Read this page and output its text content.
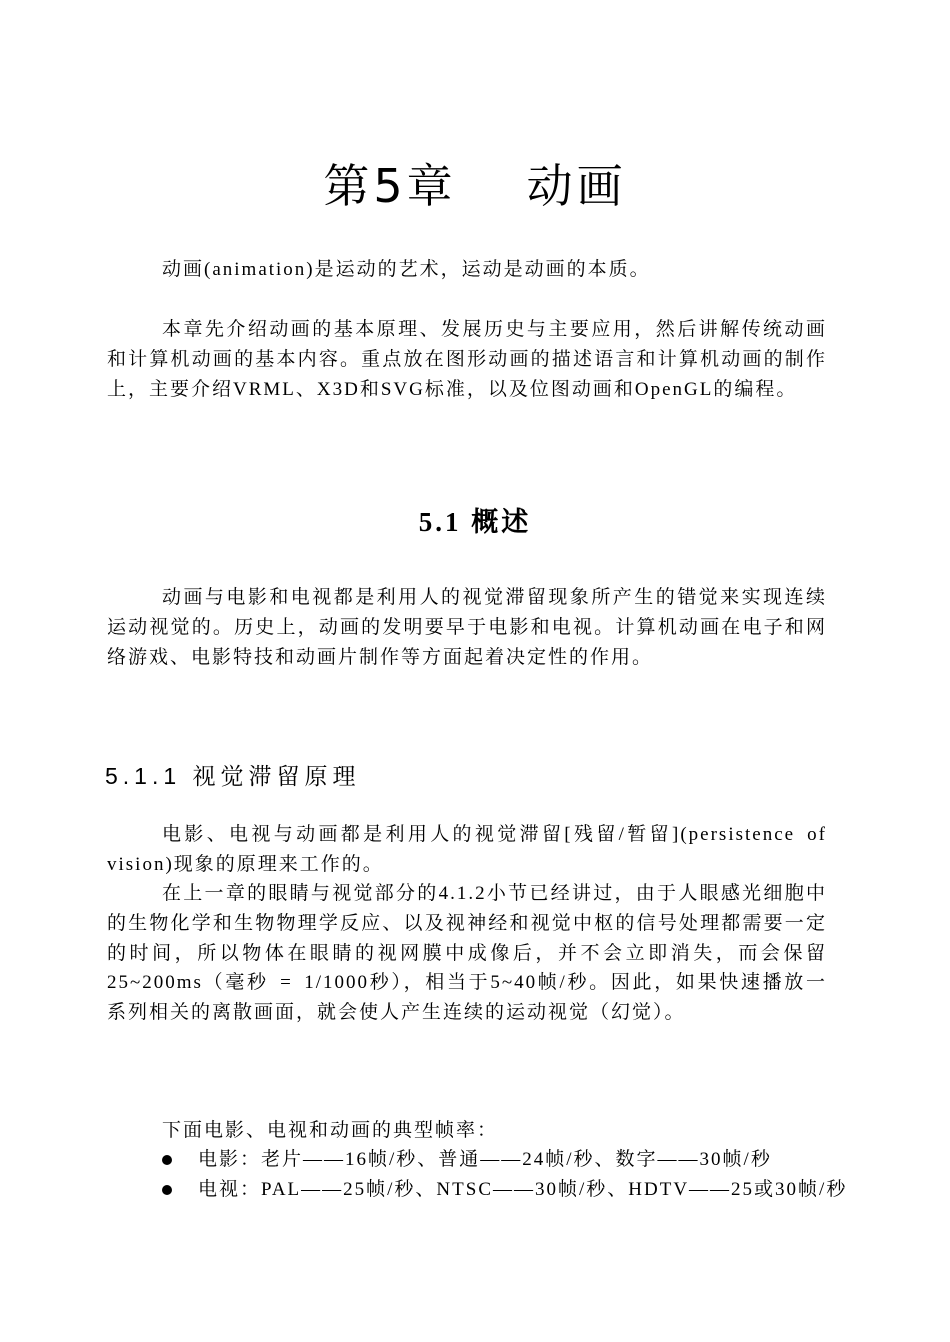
第5章 动画

动画(animation)是运动的艺术，运动是动画的本质。

本章先介绍动画的基本原理、发展历史与主要应用，然后讲解传统动画和计算机动画的基本内容。重点放在图形动画的描述语言和计算机动画的制作上，主要介绍VRML、X3D和SVG标准，以及位图动画和OpenGL的编程。

5.1 概述

动画与电影和电视都是利用人的视觉滞留现象所产生的错觉来实现连续运动视觉的。历史上，动画的发明要早于电影和电视。计算机动画在电子和网络游戏、电影特技和动画片制作等方面起着决定性的作用。

5.1.1 视觉滞留原理

电影、电视与动画都是利用人的视觉滞留[残留/暂留](persistence of vision)现象的原理来工作的。

在上一章的眼睛与视觉部分的4.1.2小节已经讲过，由于人眼感光细胞中的生物化学和生物物理学反应、以及视神经和视觉中枢的信号处理都需要一定的时间，所以物体在眼睛的视网膜中成像后，并不会立即消失，而会保留25~200ms（毫秒 = 1/1000秒），相当于5~40帧/秒。因此，如果快速播放一系列相关的离散画面，就会使人产生连续的运动视觉（幻觉）。

下面电影、电视和动画的典型帧率：

电影：老片——16帧/秒、普通——24帧/秒、数字——30帧/秒
电视：PAL——25帧/秒、NTSC——30帧/秒、HDTV——25或30帧/秒
